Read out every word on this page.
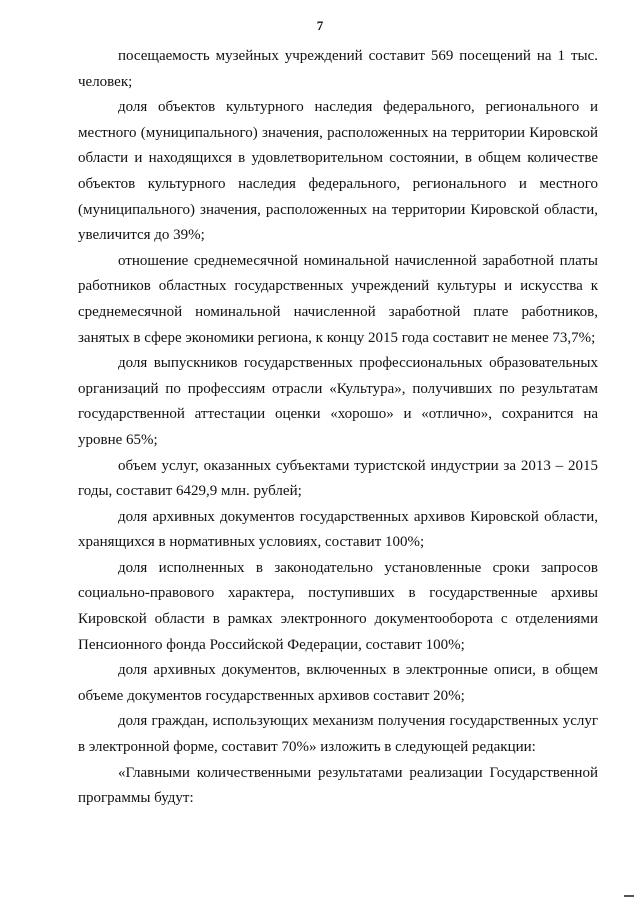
7

посещаемость музейных учреждений составит 569 посещений на 1 тыс. человек;

доля объектов культурного наследия федерального, регионального и местного (муниципального) значения, расположенных на территории Кировской области и находящихся в удовлетворительном состоянии, в общем количестве объектов культурного наследия федерального, регионального и местного (муниципального) значения, расположенных на территории Кировской области, увеличится до 39%;

отношение среднемесячной номинальной начисленной заработной платы работников областных государственных учреждений культуры и искусства к среднемесячной номинальной начисленной заработной плате работников, занятых в сфере экономики региона, к концу 2015 года составит не менее 73,7%;

доля выпускников государственных профессиональных образовательных организаций по профессиям отрасли «Культура», получивших по результатам государственной аттестации оценки «хорошо» и «отлично», сохранится на уровне 65%;

объем услуг, оказанных субъектами туристской индустрии за 2013 – 2015 годы, составит 6429,9 млн. рублей;

доля архивных документов государственных архивов Кировской области, хранящихся в нормативных условиях, составит 100%;

доля исполненных в законодательно установленные сроки запросов социально-правового характера, поступивших в государственные архивы Кировской области в рамках электронного документооборота с отделениями Пенсионного фонда Российской Федерации, составит 100%;

доля архивных документов, включенных в электронные описи, в общем объеме документов государственных архивов составит 20%;

доля граждан, использующих механизм получения государственных услуг в электронной форме, составит 70%» изложить в следующей редакции:

«Главными количественными результатами реализации Государственной программы будут:
